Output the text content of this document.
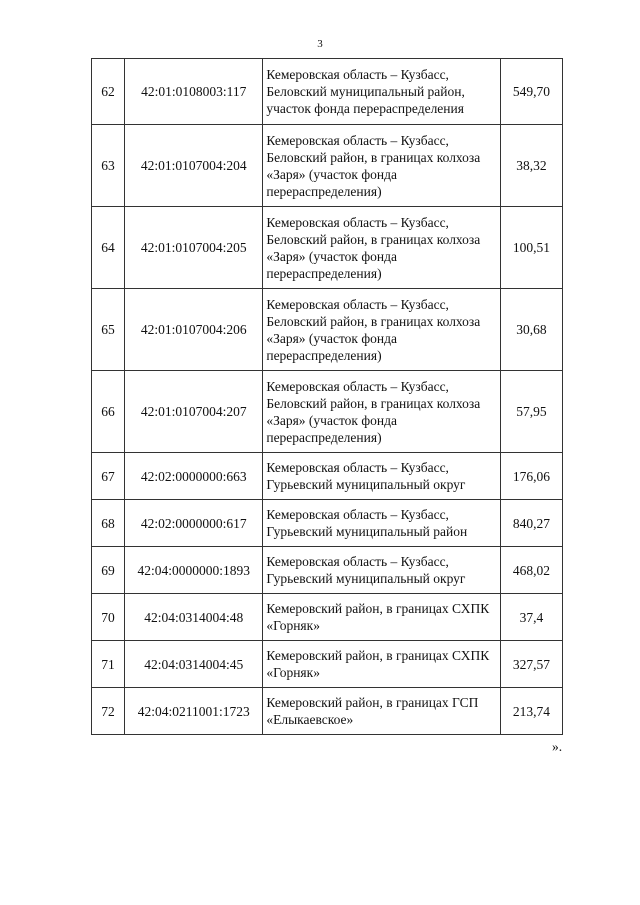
3
62	42:01:0108003:117	Кемеровская область – Кузбасс, Беловский муниципальный район, участок фонда перераспределения	549,70
63	42:01:0107004:204	Кемеровская область – Кузбасс, Беловский район, в границах колхоза «Заря» (участок фонда перераспределения)	38,32
64	42:01:0107004:205	Кемеровская область – Кузбасс, Беловский район, в границах колхоза «Заря» (участок фонда перераспределения)	100,51
65	42:01:0107004:206	Кемеровская область – Кузбасс, Беловский район, в границах колхоза «Заря» (участок фонда перераспределения)	30,68
66	42:01:0107004:207	Кемеровская область – Кузбасс, Беловский район, в границах колхоза «Заря» (участок фонда перераспределения)	57,95
67	42:02:0000000:663	Кемеровская область – Кузбасс, Гурьевский муниципальный округ	176,06
68	42:02:0000000:617	Кемеровская область – Кузбасс, Гурьевский муниципальный район	840,27
69	42:04:0000000:1893	Кемеровская область – Кузбасс, Гурьевский муниципальный округ	468,02
70	42:04:0314004:48	Кемеровский район, в границах СХПК «Горняк»	37,4
71	42:04:0314004:45	Кемеровский район, в границах СХПК «Горняк»	327,57
72	42:04:0211001:1723	Кемеровский район, в границах ГСП «Елыкаевское»	213,74
».
